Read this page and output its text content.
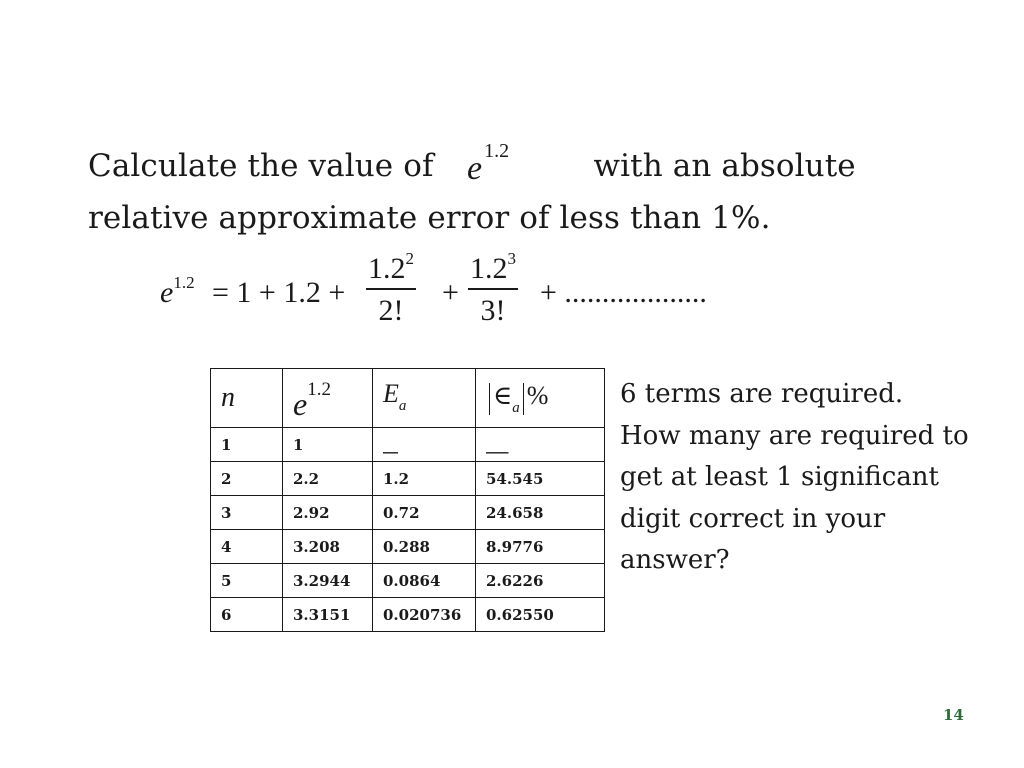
Calculate the value of	with an absolute
e $^{1.2}$
relative approximate error of less than 1%.
$e^{1.2} = 1 + 1.2$ +
$1.2^2$
2!
+
$1.2^3$
3!
+ ...................
n	$e^{1.2}$	$E_a$	$\in_a$ %
1	1	__	___
2	2.2	1.2	54.545
3	2.92	0.72	24.658
4	3.208	0.288	8.9776
5	3.2944	0.0864	2.6226
6	3.3151	0.020736	0.62550
6 terms are required.
How many are required to
get at least 1 significant
digit correct in your
answer?
14
